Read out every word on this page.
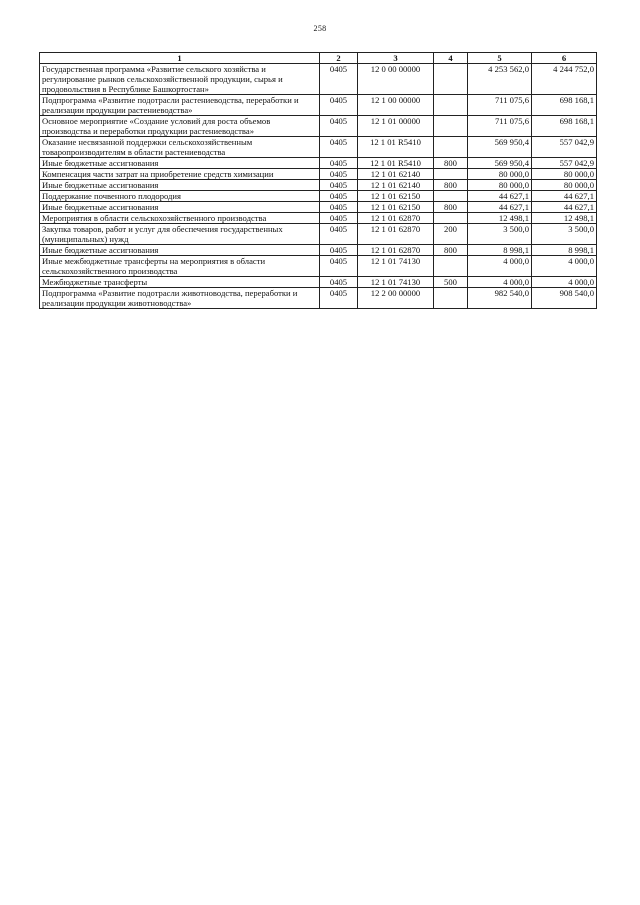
258
1	2	3	4	5	6
Государственная программа «Развитие сельского хозяйства и регулирование рынков сельскохозяйственной продукции, сырья и продовольствия в Республике Башкортостан»	0405	12 0 00 00000		4 253 562,0	4 244 752,0
Подпрограмма «Развитие подотрасли растениеводства, переработки и реализации продукции растениеводства»	0405	12 1 00 00000		711 075,6	698 168,1
Основное мероприятие «Создание условий для роста объемов производства и переработки продукции растениеводства»	0405	12 1 01 00000		711 075,6	698 168,1
Оказание несвязанной поддержки сельскохозяйственным товаропроизводителям в области растениеводства	0405	12 1 01 R5410		569 950,4	557 042,9
Иные бюджетные ассигнования	0405	12 1 01 R5410	800	569 950,4	557 042,9
Компенсация части затрат на приобретение средств химизации	0405	12 1 01 62140		80 000,0	80 000,0
Иные бюджетные ассигнования	0405	12 1 01 62140	800	80 000,0	80 000,0
Поддержание почвенного плодородия	0405	12 1 01 62150		44 627,1	44 627,1
Иные бюджетные ассигнования	0405	12 1 01 62150	800	44 627,1	44 627,1
Мероприятия в области сельскохозяйственного производства	0405	12 1 01 62870		12 498,1	12 498,1
Закупка товаров, работ и услуг для обеспечения государственных (муниципальных) нужд	0405	12 1 01 62870	200	3 500,0	3 500,0
Иные бюджетные ассигнования	0405	12 1 01 62870	800	8 998,1	8 998,1
Иные межбюджетные трансферты на мероприятия в области сельскохозяйственного производства	0405	12 1 01 74130		4 000,0	4 000,0
Межбюджетные трансферты	0405	12 1 01 74130	500	4 000,0	4 000,0
Подпрограмма «Развитие подотрасли животноводства, переработки и реализации продукции животноводства»	0405	12 2 00 00000		982 540,0	908 540,0
